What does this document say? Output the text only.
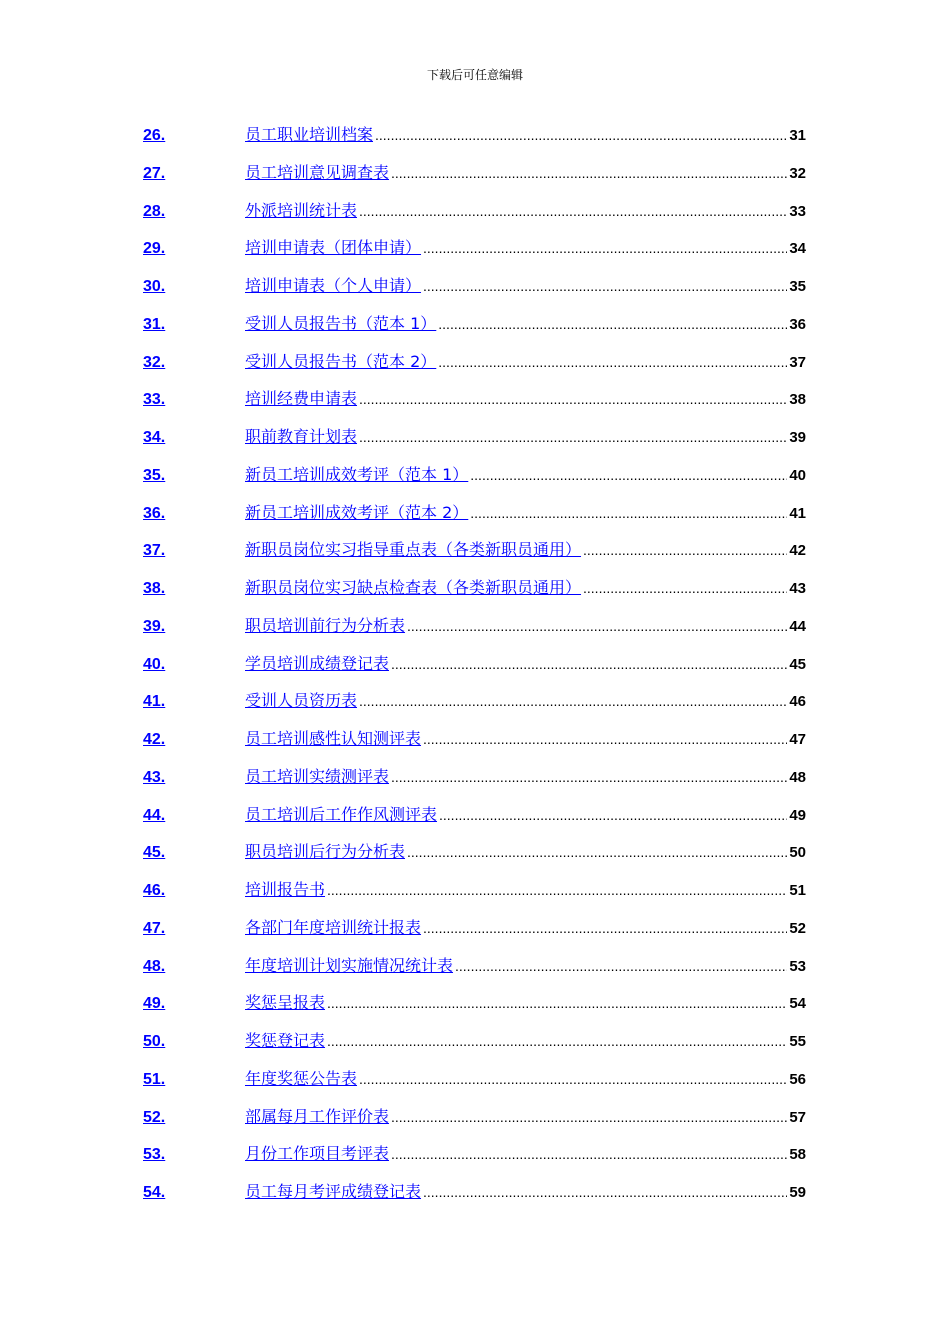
下载后可任意编辑
26.	员工职业培训档案 .....	31
27.	员工培训意见调查表 .....	32
28.	外派培训统计表 .....	33
29.	培训申请表（团体申请） .....	34
30.	培训申请表（个人申请） .....	35
31.	受训人员报告书（范本 1） .....	36
32.	受训人员报告书（范本 2） .....	37
33.	培训经费申请表 .....	38
34.	职前教育计划表 .....	39
35.	新员工培训成效考评（范本 1） .....	40
36.	新员工培训成效考评（范本 2） .....	41
37.	新职员岗位实习指导重点表（各类新职员通用） .....	42
38.	新职员岗位实习缺点检查表（各类新职员通用） .....	43
39.	职员培训前行为分析表 .....	44
40.	学员培训成绩登记表 .....	45
41.	受训人员资历表 .....	46
42.	员工培训感性认知测评表 .....	47
43.	员工培训实绩测评表 .....	48
44.	员工培训后工作作风测评表 .....	49
45.	职员培训后行为分析表 .....	50
46.	培训报告书 .....	51
47.	各部门年度培训统计报表 .....	52
48.	年度培训计划实施情况统计表 .....	53
49.	奖惩呈报表 .....	54
50.	奖惩登记表 .....	55
51.	年度奖惩公告表 .....	56
52.	部属每月工作评价表 .....	57
53.	月份工作项目考评表 .....	58
54.	员工每月考评成绩登记表 .....	59
